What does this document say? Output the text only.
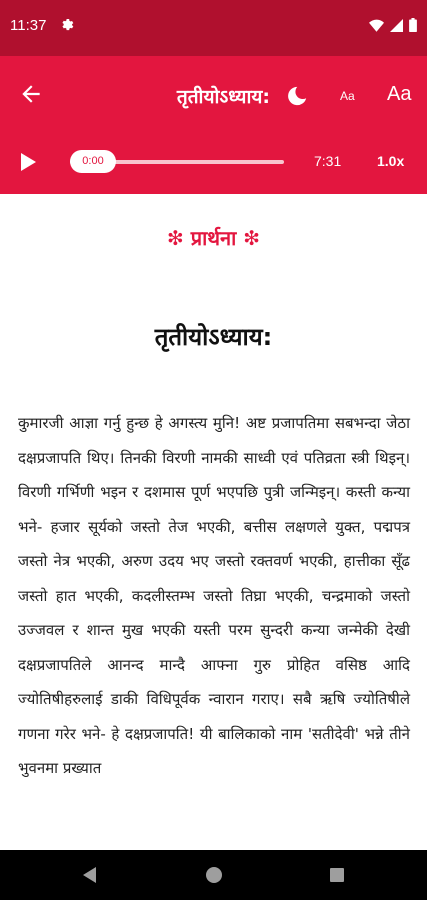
11:37
तृतीयोऽध्याय:	Aa Aa
0:00	7:31	1.0x
❇ प्रार्थना ❇
तृतीयोऽध्याय:

कुमारजी आज्ञा गर्नु हुन्छ हे अगस्त्य मुनि! अष्ट प्रजापतिमा सबभन्दा जेठा दक्षप्रजापति थिए। तिनकी विरणी नामकी साध्वी एवं पतिव्रता स्त्री थिइन्। विरणी गर्भिणी भइन र दशमास पूर्ण भएपछि पुत्री जन्मिइन्। कस्ती कन्या भने- हजार सूर्यको जस्तो तेज भएकी, बत्तीस लक्षणले युक्त, पद्मपत्र जस्तो नेत्र भएकी, अरुण उदय भए जस्तो रक्तवर्ण भएकी, हात्तीका सूँढ जस्तो हात भएकी, कदलीस्तम्भ जस्तो तिघ्रा भएकी, चन्द्रमाको जस्तो उज्जवल र शान्त मुख भएकी यस्ती परम सुन्दरी कन्या जन्मेकी देखी दक्षप्रजापतिले आनन्द मान्दै आफ्ना गुरु प्रोहित वसिष्ठ आदि ज्योतिषीहरुलाई डाकी विधिपूर्वक न्वारान गराए। सबै ऋषि ज्योतिषीले गणना गरेर भने- हे दक्षप्रजापति! यी बालिकाको नाम 'सतीदेवी' भन्ने तीने भुवनमा प्रख्यात
